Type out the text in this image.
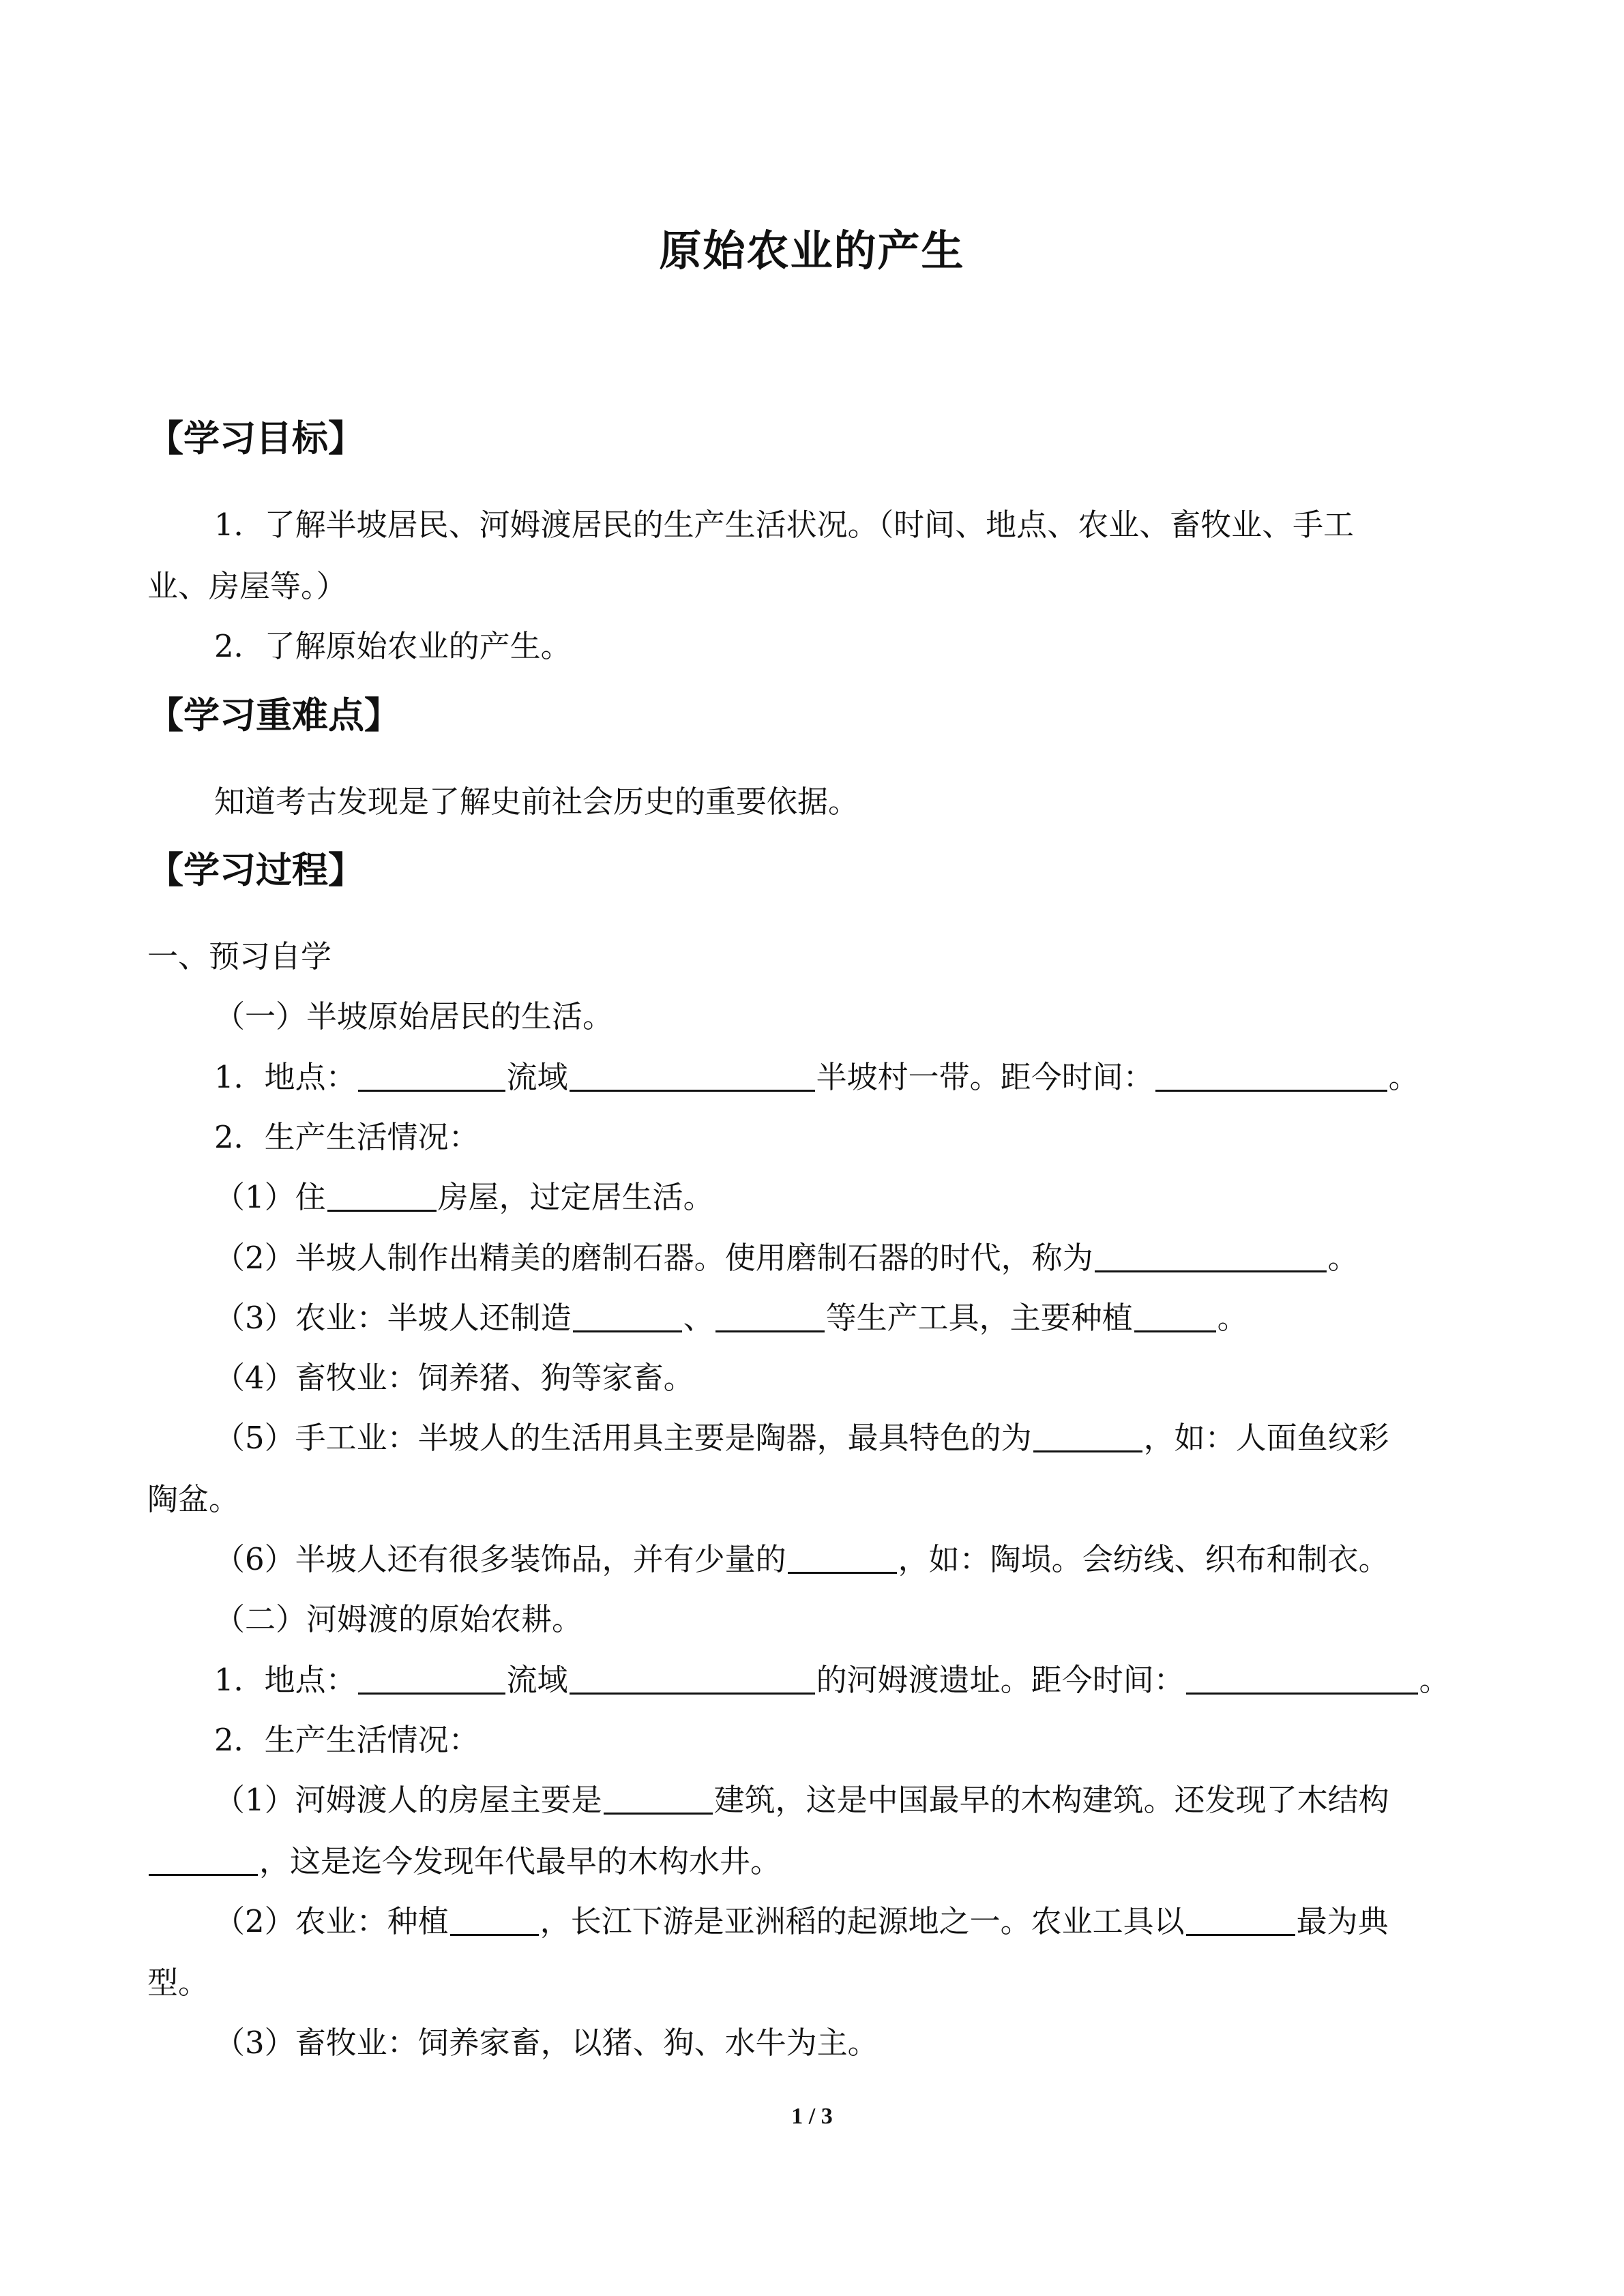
原始农业的产生
【学习目标】
1．了解半坡居民、河姆渡居民的生产生活状况。（时间、地点、农业、畜牧业、手工
业、房屋等。）
2．了解原始农业的产生。
【学习重难点】
知道考古发现是了解史前社会历史的重要依据。
【学习过程】
一、预习自学
（一）半坡原始居民的生活。
1．地点：	流域	半坡村一带。距今时间：	。
2．生产生活情况：
（1）住	房屋，过定居生活。
（2）半坡人制作出精美的磨制石器。使用磨制石器的时代，称为	。
（3）农业：半坡人还制造	、	等生产工具，主要种植	。
（4）畜牧业：饲养猪、狗等家畜。
（5）手工业：半坡人的生活用具主要是陶器，最具特色的为	，如：人面鱼纹彩
陶盆。
（6）半坡人还有很多装饰品，并有少量的	，如：陶埙。会纺线、织布和制衣。
（二）河姆渡的原始农耕。
1．地点：	流域	的河姆渡遗址。距今时间：	。
2．生产生活情况：
（1）河姆渡人的房屋主要是	建筑，这是中国最早的木构建筑。还发现了木结构
，这是迄今发现年代最早的木构水井。
（2）农业：种植	，长江下游是亚洲稻的起源地之一。农业工具以	最为典
型。
（3）畜牧业：饲养家畜，以猪、狗、水牛为主。
1 / 3
